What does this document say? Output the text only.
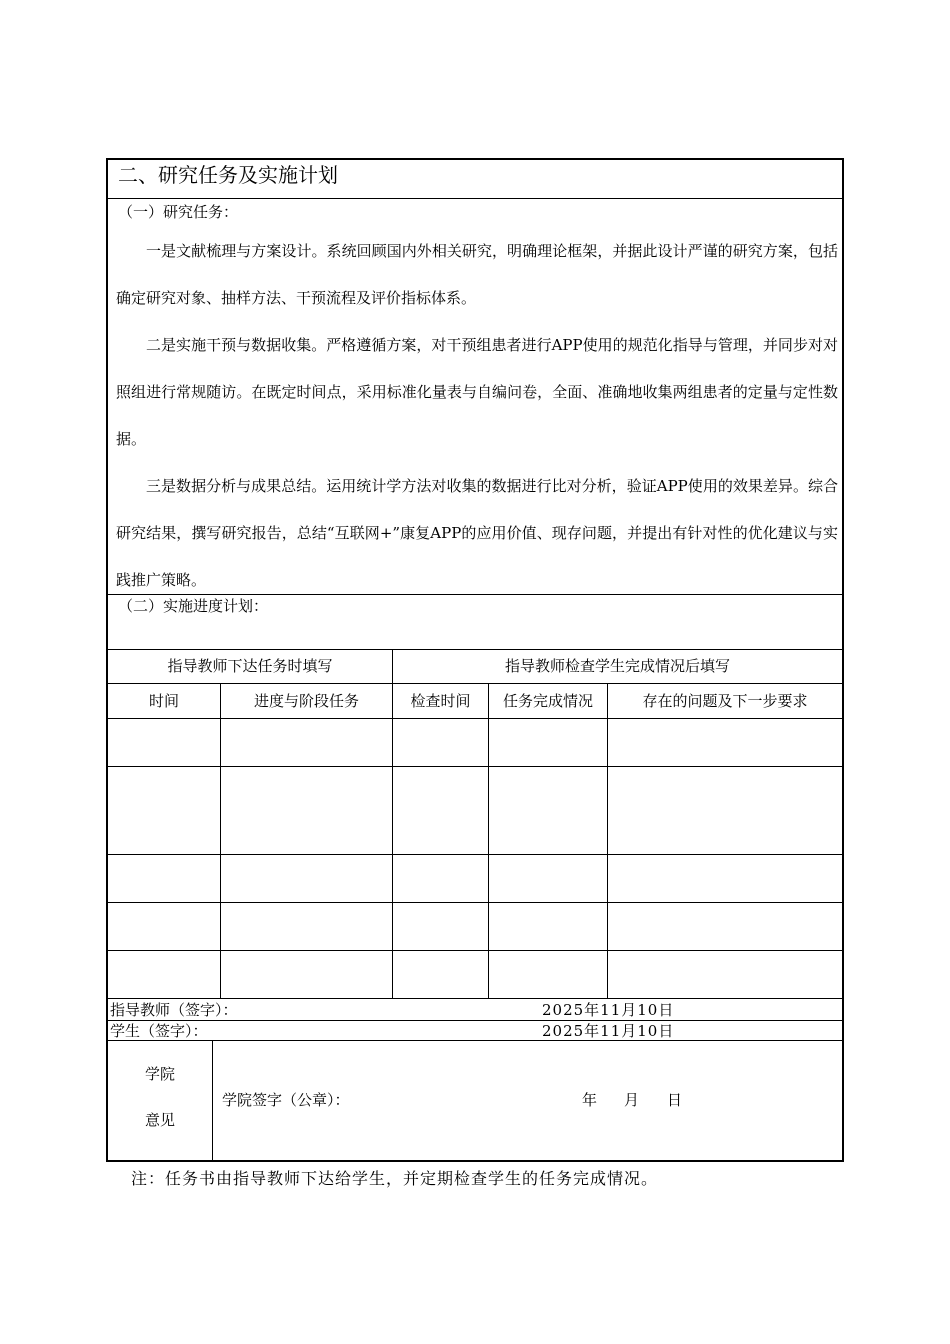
二、研究任务及实施计划
（一）研究任务：

一是文献梳理与方案设计。系统回顾国内外相关研究，明确理论框架，并据此设计严谨的研究方案，包括确定研究对象、抽样方法、干预流程及评价指标体系。

二是实施干预与数据收集。严格遵循方案，对干预组患者进行APP使用的规范化指导与管理，并同步对对照组进行常规随访。在既定时间点，采用标准化量表与自编问卷，全面、准确地收集两组患者的定量与定性数据。

三是数据分析与成果总结。运用统计学方法对收集的数据进行比对分析，验证APP使用的效果差异。综合研究结果，撰写研究报告，总结“互联网+”康复APP的应用价值、现存问题，并提出有针对性的优化建议与实践推广策略。

（二）实施进度计划：
指导教师下达任务时填写	指导教师检查学生完成情况后填写
时间	进度与阶段任务	检查时间	任务完成情况	存在的问题及下一步要求
指导教师（签字）：	2025年11月10日
学生（签字）：	2025年11月10日
学院
意见
学院签字（公章）：	年 月 日
注：任务书由指导教师下达给学生，并定期检查学生的任务完成情况。
